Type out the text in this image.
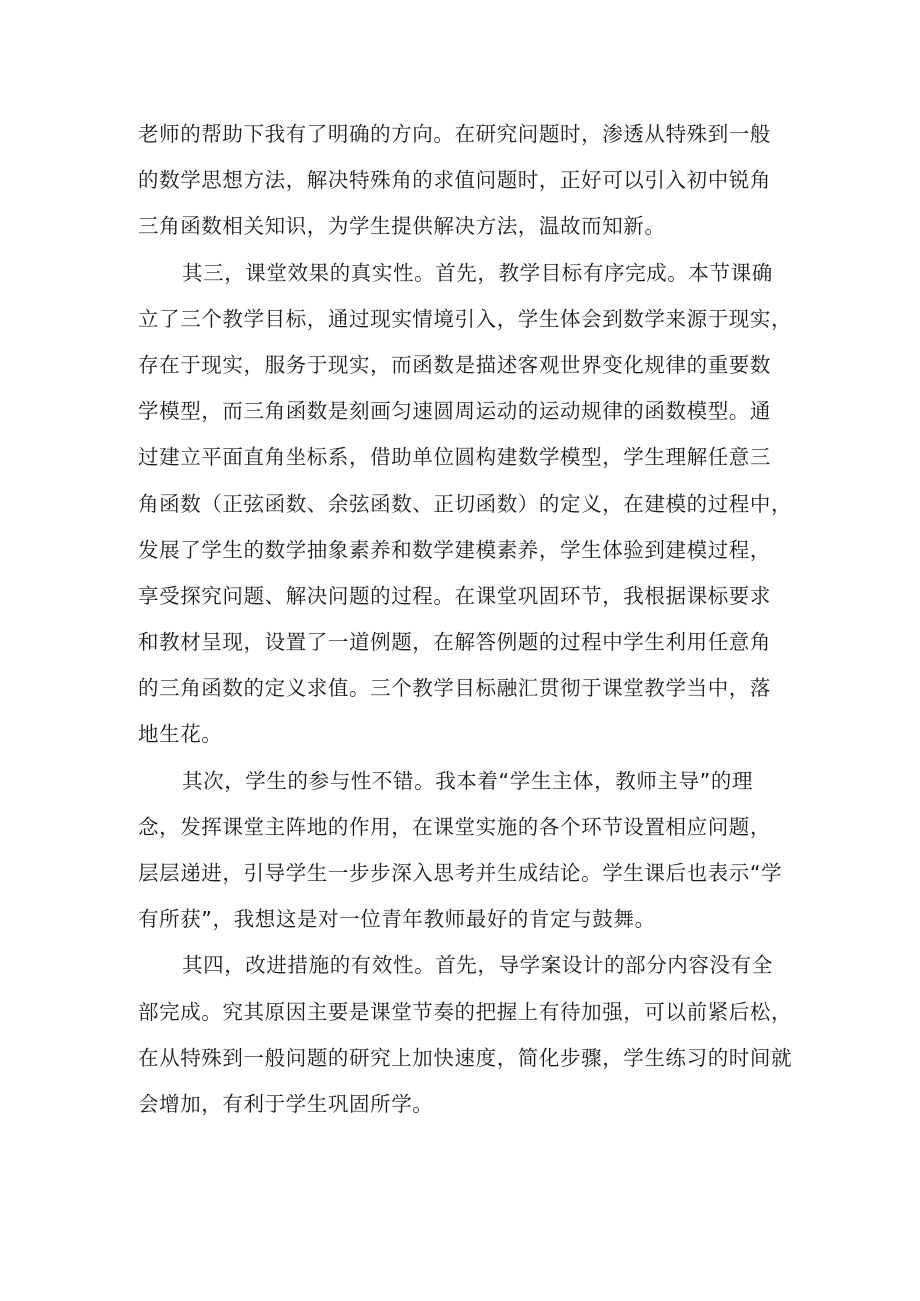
老师的帮助下我有了明确的方向。在研究问题时，渗透从特殊到一般
的数学思想方法，解决特殊角的求值问题时，正好可以引入初中锐角
三角函数相关知识，为学生提供解决方法，温故而知新。

其三，课堂效果的真实性。首先，教学目标有序完成。本节课确
立了三个教学目标，通过现实情境引入，学生体会到数学来源于现实，
存在于现实，服务于现实，而函数是描述客观世界变化规律的重要数
学模型，而三角函数是刻画匀速圆周运动的运动规律的函数模型。通
过建立平面直角坐标系，借助单位圆构建数学模型，学生理解任意三
角函数（正弦函数、余弦函数、正切函数）的定义，在建模的过程中，
发展了学生的数学抽象素养和数学建模素养，学生体验到建模过程，
享受探究问题、解决问题的过程。在课堂巩固环节，我根据课标要求
和教材呈现，设置了一道例题，在解答例题的过程中学生利用任意角
的三角函数的定义求值。三个教学目标融汇贯彻于课堂教学当中，落
地生花。

其次，学生的参与性不错。我本着“学生主体，教师主导”的理
念，发挥课堂主阵地的作用，在课堂实施的各个环节设置相应问题，
层层递进，引导学生一步步深入思考并生成结论。学生课后也表示“学
有所获”，我想这是对一位青年教师最好的肯定与鼓舞。

其四，改进措施的有效性。首先，导学案设计的部分内容没有全
部完成。究其原因主要是课堂节奏的把握上有待加强，可以前紧后松，
在从特殊到一般问题的研究上加快速度，简化步骤，学生练习的时间就
会增加，有利于学生巩固所学。
